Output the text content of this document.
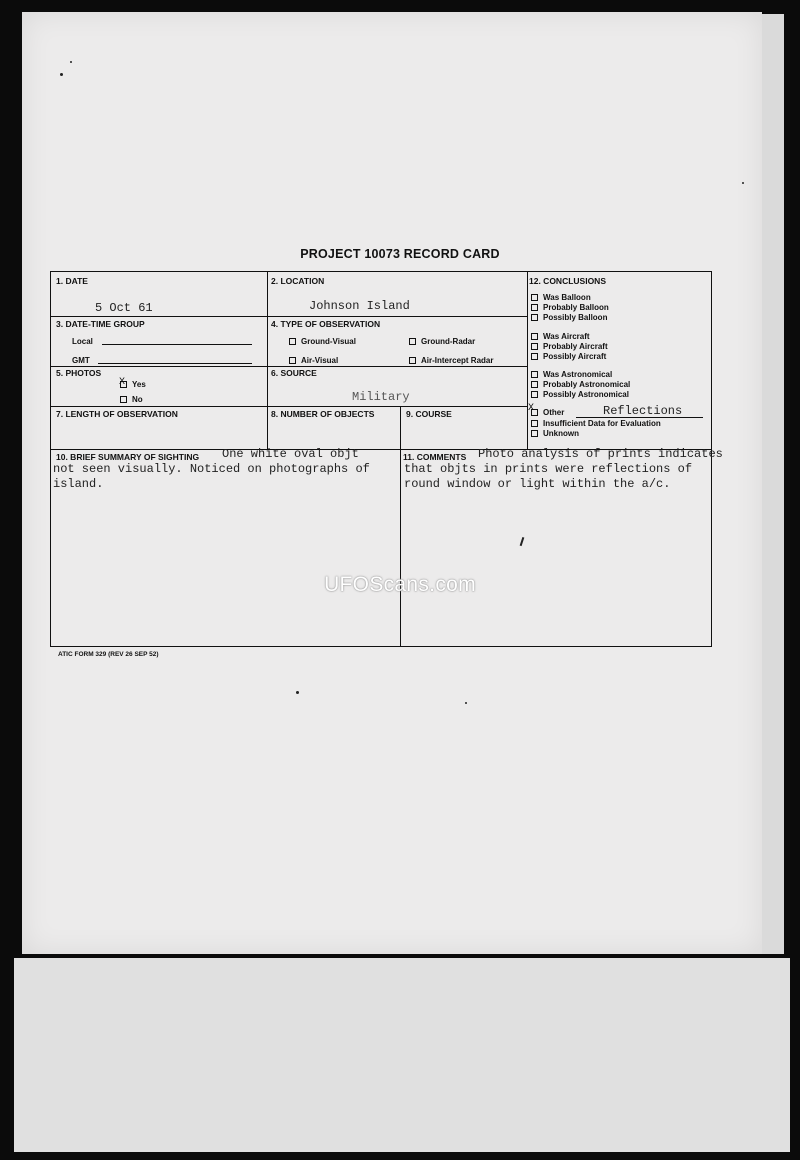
PROJECT 10073 RECORD CARD
1. DATE
5 Oct 61
2. LOCATION
Johnson Island
3. DATE-TIME GROUP
Local
GMT
4. TYPE OF OBSERVATION
Ground-Visual	Ground-Radar
Air-Visual	Air-Intercept Radar
5. PHOTOS
X Yes
No
6. SOURCE
Military
7. LENGTH OF OBSERVATION	8. NUMBER OF OBJECTS	9. COURSE
10. BRIEF SUMMARY OF SIGHTING One white oval objt
not seen visually. Noticed on photographs of
island.
11. COMMENTS Photo analysis of prints indicates
that objts in prints were reflections of
round window or light within the a/c.
12. CONCLUSIONS
Was Balloon
Probably Balloon
Possibly Balloon
Was Aircraft
Probably Aircraft
Possibly Aircraft
Was Astronomical
Probably Astronomical
Possibly Astronomical
X Other	Reflections
Insufficient Data for Evaluation
Unknown
ATIC FORM 329 (REV 26 SEP 52)
UFOScans.com
